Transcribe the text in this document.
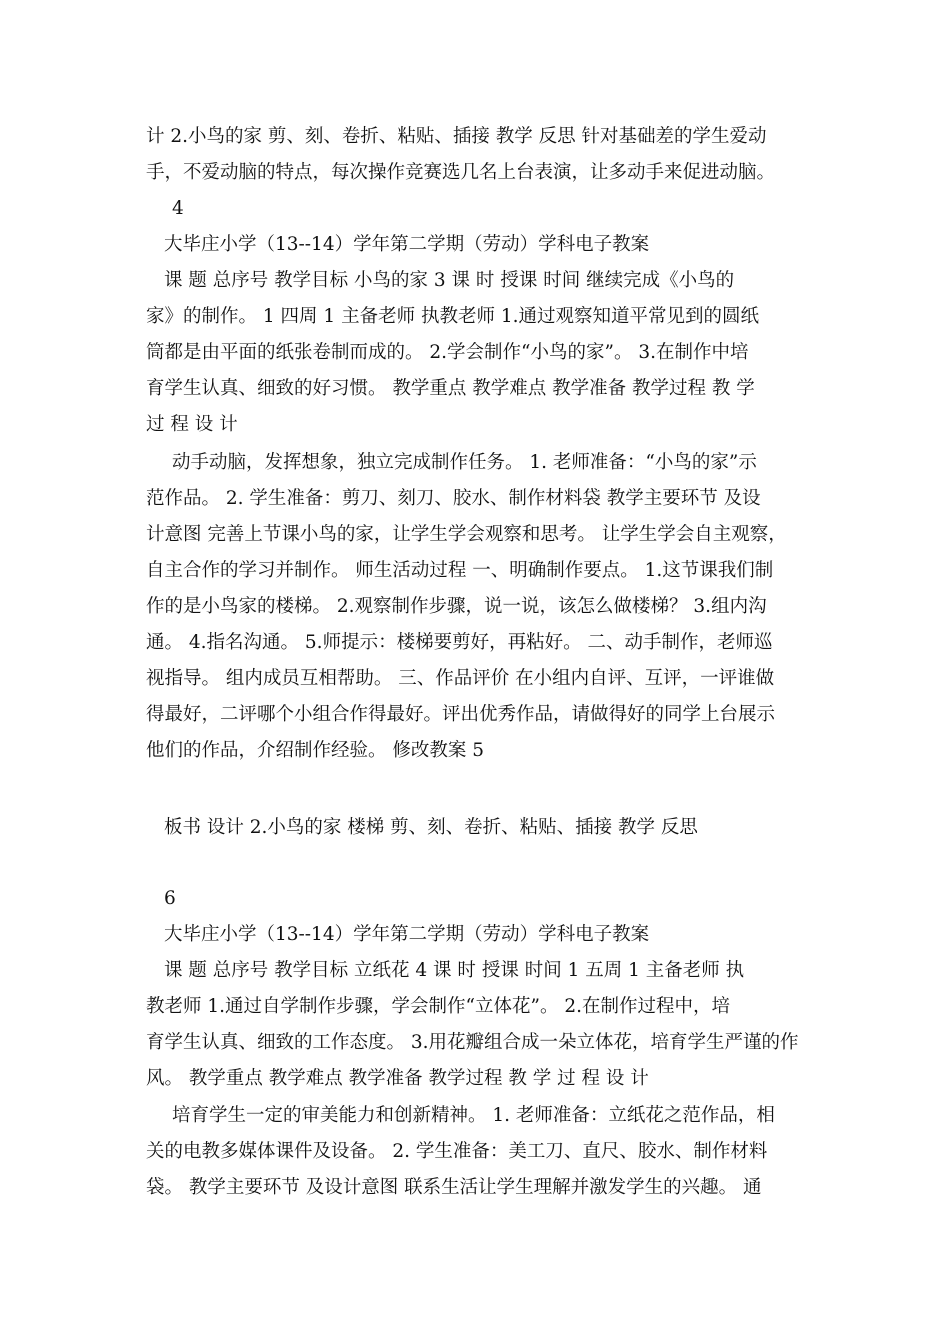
计 2.小鸟的家 剪、刻、卷折、粘贴、插接 教学 反思 针对基础差的学生爱动
手，不爱动脑的特点，每次操作竞赛选几名上台表演，让多动手来促进动脑。
4
大毕庄小学（13--14）学年第二学期（劳动）学科电子教案
课 题 总序号 教学目标 小鸟的家 3 课 时 授课 时间 继续完成《小鸟的
家》的制作。 1 四周 1 主备老师 执教老师 1.通过观察知道平常见到的圆纸
筒都是由平面的纸张卷制而成的。 2.学会制作“小鸟的家”。 3.在制作中培
育学生认真、细致的好习惯。 教学重点 教学难点 教学准备 教学过程 教 学
过 程 设 计
动手动脑，发挥想象，独立完成制作任务。 1. 老师准备：“小鸟的家”示
范作品。 2. 学生准备：剪刀、刻刀、胶水、制作材料袋 教学主要环节 及设
计意图 完善上节课小鸟的家，让学生学会观察和思考。 让学生学会自主观察，
自主合作的学习并制作。 师生活动过程 一、明确制作要点。 1.这节课我们制
作的是小鸟家的楼梯。 2.观察制作步骤，说一说，该怎么做楼梯？ 3.组内沟
通。 4.指名沟通。 5.师提示：楼梯要剪好，再粘好。 二、动手制作，老师巡
视指导。 组内成员互相帮助。 三、作品评价 在小组内自评、互评，一评谁做
得最好，二评哪个小组合作得最好。评出优秀作品，请做得好的同学上台展示
他们的作品，介绍制作经验。 修改教案 5
板书 设计 2.小鸟的家 楼梯 剪、刻、卷折、粘贴、插接 教学 反思
6
大毕庄小学（13--14）学年第二学期（劳动）学科电子教案
课 题 总序号 教学目标 立纸花 4 课 时 授课 时间 1 五周 1 主备老师 执
教老师 1.通过自学制作步骤，学会制作“立体花”。 2.在制作过程中，培
育学生认真、细致的工作态度。 3.用花瓣组合成一朵立体花，培育学生严谨的作
风。 教学重点 教学难点 教学准备 教学过程 教 学 过 程 设 计
培育学生一定的审美能力和创新精神。 1. 老师准备：立纸花之范作品，相
关的电教多媒体课件及设备。 2. 学生准备：美工刀、直尺、胶水、制作材料
袋。 教学主要环节 及设计意图 联系生活让学生理解并激发学生的兴趣。 通
